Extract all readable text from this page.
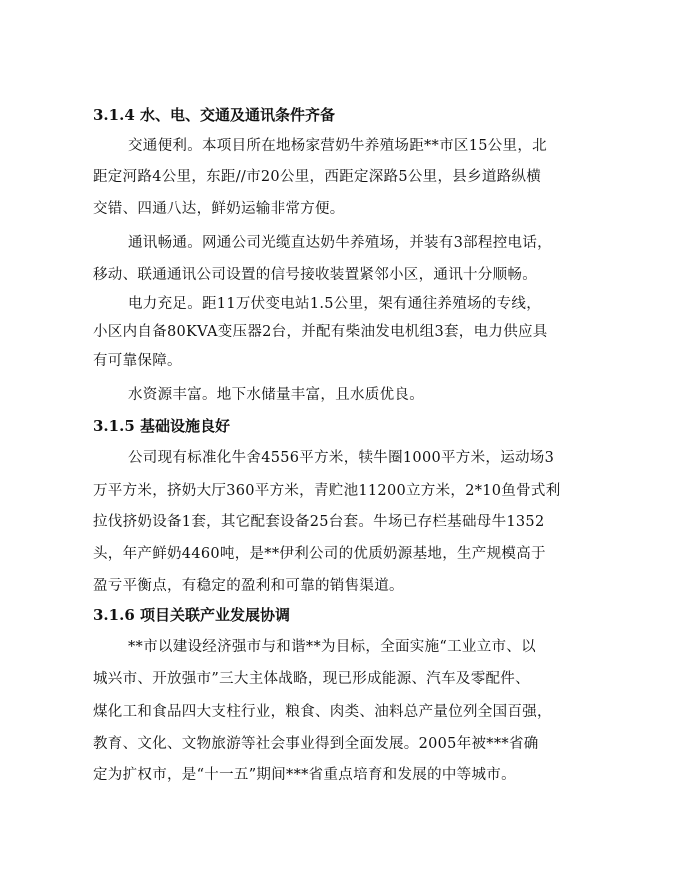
3.1.4 水、电、交通及通讯条件齐备
交通便利。本项目所在地杨家营奶牛养殖场距**市区15公里，北
距定河路4公里，东距//市20公里，西距定深路5公里，县乡道路纵横
交错、四通八达，鲜奶运输非常方便。
通讯畅通。网通公司光缆直达奶牛养殖场，并装有3部程控电话，
移动、联通通讯公司设置的信号接收装置紧邻小区，通讯十分顺畅。
电力充足。距11万伏变电站1.5公里，架有通往养殖场的专线，
小区内自备80KVA变压器2台，并配有柴油发电机组3套，电力供应具
有可靠保障。
水资源丰富。地下水储量丰富，且水质优良。
3.1.5 基础设施良好
公司现有标准化牛舍4556平方米，犊牛圈1000平方米，运动场3
万平方米，挤奶大厅360平方米，青贮池11200立方米，2*10鱼骨式利
拉伐挤奶设备1套，其它配套设备25台套。牛场已存栏基础母牛1352
头，年产鲜奶4460吨，是**伊利公司的优质奶源基地，生产规模高于
盈亏平衡点，有稳定的盈利和可靠的销售渠道。
3.1.6 项目关联产业发展协调
**市以建设经济强市与和谐**为目标，全面实施“工业立市、以
城兴市、开放强市”三大主体战略，现已形成能源、汽车及零配件、
煤化工和食品四大支柱行业，粮食、肉类、油料总产量位列全国百强，
教育、文化、文物旅游等社会事业得到全面发展。2005年被***省确
定为扩权市，是“十一五”期间***省重点培育和发展的中等城市。
